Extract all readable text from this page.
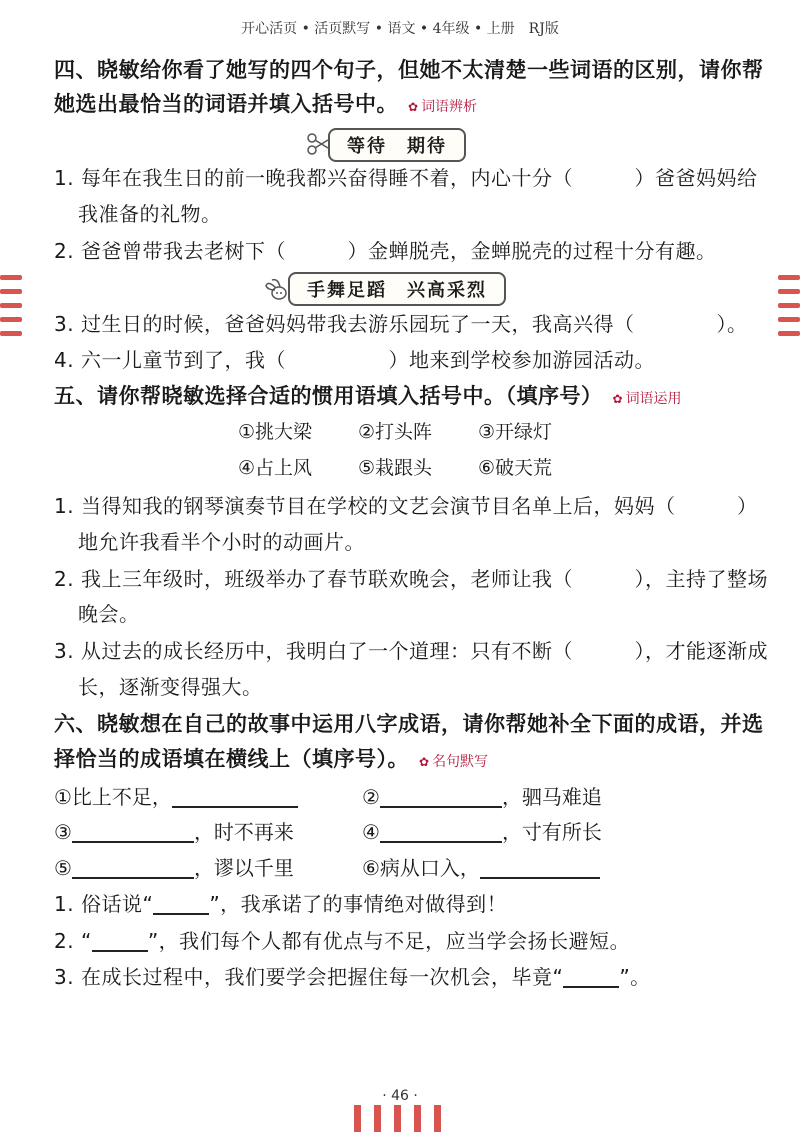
开心活页 • 活页默写 • 语文 • 4年级 • 上册　RJ版
四、晓敏给你看了她写的四个句子，但她不太清楚一些词语的区别，请你帮
她选出最恰当的词语并填入括号中。 ✿ 词语辨析
等待　期待
1. 每年在我生日的前一晚我都兴奋得睡不着，内心十分（　　　）爸爸妈妈给
我准备的礼物。
2. 爸爸曾带我去老树下（　　　）金蝉脱壳，金蝉脱壳的过程十分有趣。
手舞足蹈　兴高采烈
3. 过生日的时候，爸爸妈妈带我去游乐园玩了一天，我高兴得（　　　　）。
4. 六一儿童节到了，我（　　　　　）地来到学校参加游园活动。
五、请你帮晓敏选择合适的惯用语填入括号中。（填序号） ✿ 词语运用
①挑大梁 ②打头阵 ③开绿灯
④占上风 ⑤栽跟头 ⑥破天荒
1. 当得知我的钢琴演奏节目在学校的文艺会演节目名单上后，妈妈（　　　）
地允许我看半个小时的动画片。
2. 我上三年级时，班级举办了春节联欢晚会，老师让我（　　　），主持了整场
晚会。
3. 从过去的成长经历中，我明白了一个道理：只有不断（　　　），才能逐渐成
长，逐渐变得强大。
六、晓敏想在自己的故事中运用八字成语，请你帮她补全下面的成语，并选
择恰当的成语填在横线上（填序号）。 ✿ 名句默写
①比上不足，	②	，驷马难追
③	，时不再来	④	，寸有所长
⑤	，谬以千里	⑥病从口入，
1. 俗话说“	”，我承诺了的事情绝对做得到！
2. “	”，我们每个人都有优点与不足，应当学会扬长避短。
3. 在成长过程中，我们要学会把握住每一次机会，毕竟“	”。
· 46 ·
